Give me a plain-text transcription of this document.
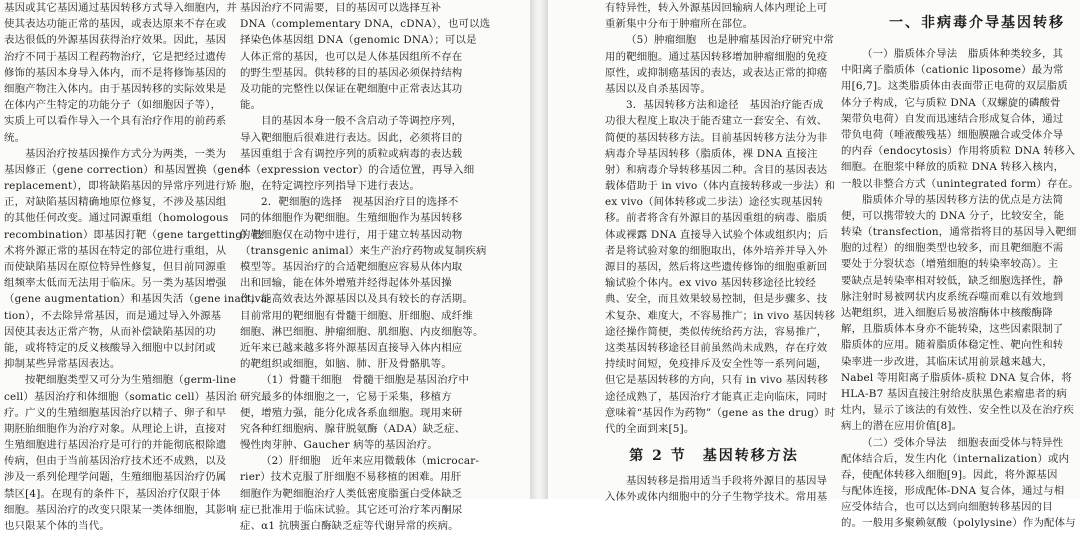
基因或其它基因通过基因转移方式导入细胞内，并
使其表达功能正常的基因，或表达原来不存在或
表达很低的外源基因获得治疗效果。因此，基因
治疗不同于基因工程药物治疗，它是把经过遗传
修饰的基因本身导入体内，而不是将修饰基因的
细胞产物注入体内。由于基因转移的实际效果是
在体内产生特定的功能分子（如细胞因子等），
实质上可以看作导入一个具有治疗作用的前药系
统。
基因治疗按基因操作方式分为两类，一类为
基因修正（gene correction）和基因置换（gene
replacement），即将缺陷基因的异常序列进行矫
正，对缺陷基因精确地原位修复，不涉及基因组
的其他任何改变。通过同源重组（homologous
recombination）即基因打靶（gene targetting）技
术将外源正常的基因在特定的部位进行重组，从
而使缺陷基因在原位特异性修复，但目前同源重
组频率太低而无法用于临床。另一类为基因增强
（gene augmentation）和基因失活（gene inactiva-
tion），不去除异常基因，而是通过导入外源基
因使其表达正常产物，从而补偿缺陷基因的功
能，或将特定的反义核酸导入细胞中以封闭或
抑制某些异常基因表达。
按靶细胞类型又可分为生殖细胞（germ-line
cell）基因治疗和体细胞（somatic cell）基因治
疗。广义的生殖细胞基因治疗以精子、卵子和早
期胚胎细胞作为治疗对象。从理论上讲，直接对
生殖细胞进行基因治疗是可行的并能彻底根除遗
传病，但由于当前基因治疗技术还不成熟，以及
涉及一系列伦理学问题，生殖细胞基因治疗仍属
禁区[4]。在现有的条件下，基因治疗仅限于体
细胞。基因治疗的改变只限某一类体细胞，其影响
也只限某个体的当代。
基因治疗不同需要，目的基因可以选择互补
DNA（complementary DNA，cDNA），也可以选
择染色体基因组 DNA（genomic DNA）；可以是
人体正常的基因，也可以是人体基因组所不存在
的野生型基因。供转移的目的基因必须保持结构
及功能的完整性以保证在靶细胞中正常表达其功
能。
目的基因本身一般不含启动子等调控序列，
导入靶细胞后很难进行表达。因此，必须将目的
基因重组于含有调控序列的质粒或病毒的表达载
体（expression vector）的合适位置，再导入细
胞，在特定调控序列指导下进行表达。
2．靶细胞的选择　视基因治疗目的选择不
同的体细胞作为靶细胞。生殖细胞作为基因转移
的靶细胞仅在动物中进行，用于建立转基因动物
（transgenic animal）来生产治疗药物或复制疾病
模型等。基因治疗的合适靶细胞应容易从体内取
出和回输，能在体外增殖并经得起体外基因操
作，能高效表达外源基因以及具有较长的存活期。
目前常用的靶细胞有骨髓干细胞、肝细胞、成纤维
细胞、淋巴细胞、肿瘤细胞、肌细胞、内皮细胞等。
近年来已越来越多将外源基因直接导入体内相应
的靶组织或细胞，如脑、肺、肝及骨骼肌等。
（1）骨髓干细胞　骨髓干细胞是基因治疗中
研究最多的体细胞之一，它易于采集，移植方
便，增殖力强，能分化成各系血细胞。现用来研
究各种红细胞病、腺苷脱氨酶（ADA）缺乏症、
慢性肉芽肿、Gaucher 病等的基因治疗。
（2）肝细胞　近年来应用微载体（microcar-
rier）技术克服了肝细胞不易移植的困难。用肝
细胞作为靶细胞治疗人类低密度脂蛋白受体缺乏
症已批准用于临床试验。其它还可治疗苯丙酮尿
症、α1 抗胰蛋白酶缺乏症等代谢异常的疾病。
有特异性，转入外源基因回输病人体内理论上可
重新集中分布于肿瘤所在部位。
（5）肿瘤细胞　也是肿瘤基因治疗研究中常
用的靶细胞。通过基因转移增加肿瘤细胞的免疫
原性，或抑制癌基因的表达，或表达正常的抑癌
基因以及自杀基因等。
3．基因转移方法和途径　基因治疗能否成
功很大程度上取决于能否建立一套安全、有效、
简便的基因转移方法。目前基因转移方法分为非
病毒介导基因转移（脂质体，裸 DNA 直接注
射）和病毒介导转移基因二种。含目的基因表达
载体借助于 in vivo（体内直接转移或一步法）和
ex vivo（间体转移或二步法）途径实现基因转
移。前者将含有外源目的基因重组的病毒、脂质
体或裸露 DNA 直接导入试验个体或组织内；后
者是将试验对象的细胞取出，体外培养并导入外
源目的基因，然后将这些遗传修饰的细胞重新回
输试验个体内。ex vivo 基因转移途径比较经
典、安全，而且效果较易控制，但是步骤多、技
术复杂、难度大，不容易推广；in vivo 基因转移
途径操作简便，类似传统给药方法，容易推广，
这类基因转移途径目前虽然尚未成熟，存在疗效
持续时间短，免疫排斥及安全性等一系列问题，
但它是基因转移的方向，只有 in vivo 基因转移
途径成熟了，基因治疗才能真正走向临床，同时
意味着“基因作为药物”（gene as the drug）时
代的全面到来[5]。
第 2 节　基因转移方法
基因转移是指用适当手段将外源目的基因导
入体外或体内细胞中的分子生物学技术。常用基
一、非病毒介导基因转移
（一）脂质体介导法　脂质体种类较多，其
中阳离子脂质体（cationic liposome）最为常
用[6,7]。这类脂质体由表面带正电荷的双层脂质
体分子构成，它与质粒 DNA（双螺旋的磷酸骨
架带负电荷）自发而迅速结合形成复合体，通过
带负电荷（唾液酸残基）细胞膜融合或受体介导
的内吞（endocytosis）作用将质粒 DNA 转移入
细胞。在胞浆中释放的质粒 DNA 转移入核内，
一般以非整合方式（unintegrated form）存在。
脂质体介导的基因转移方法的优点是方法简
便，可以携带较大的 DNA 分子，比较安全，能
转染（transfection，通常指将目的基因导入靶细
胞的过程）的细胞类型也较多，而且靶细胞不需
要处于分裂状态（增殖细胞的转染率较高）。主
要缺点是转染率相对较低，缺乏细胞选择性，静
脉注射时易被网状内皮系统吞噬而难以有效地到
达靶组织，进入细胞后易被溶酶体中核酸酶降
解，且脂质体本身亦不能转染，这些因素限制了
脂质体的应用。随着脂质体稳定性、靶向性和转
染率进一步改进，其临床试用前景越来越大，
Nabel 等用阳离子脂质体-质粒 DNA 复合体，将
HLA-B7 基因直接注射给皮肤黑色素瘤患者的病
灶内，显示了该法的有效性、安全性以及在治疗疾
病上的潜在应用价值[8]。
（二）受体介导法　细胞表面受体与特异性
配体结合后，发生内化（internalization）或内
吞，使配体转移入细胞[9]。因此，将外源基因
与配体连接，形成配体-DNA 复合体，通过与相
应受体结合，也可以达到向细胞转移基因的目
的。一般用多聚赖氨酸（polylysine）作为配体与
